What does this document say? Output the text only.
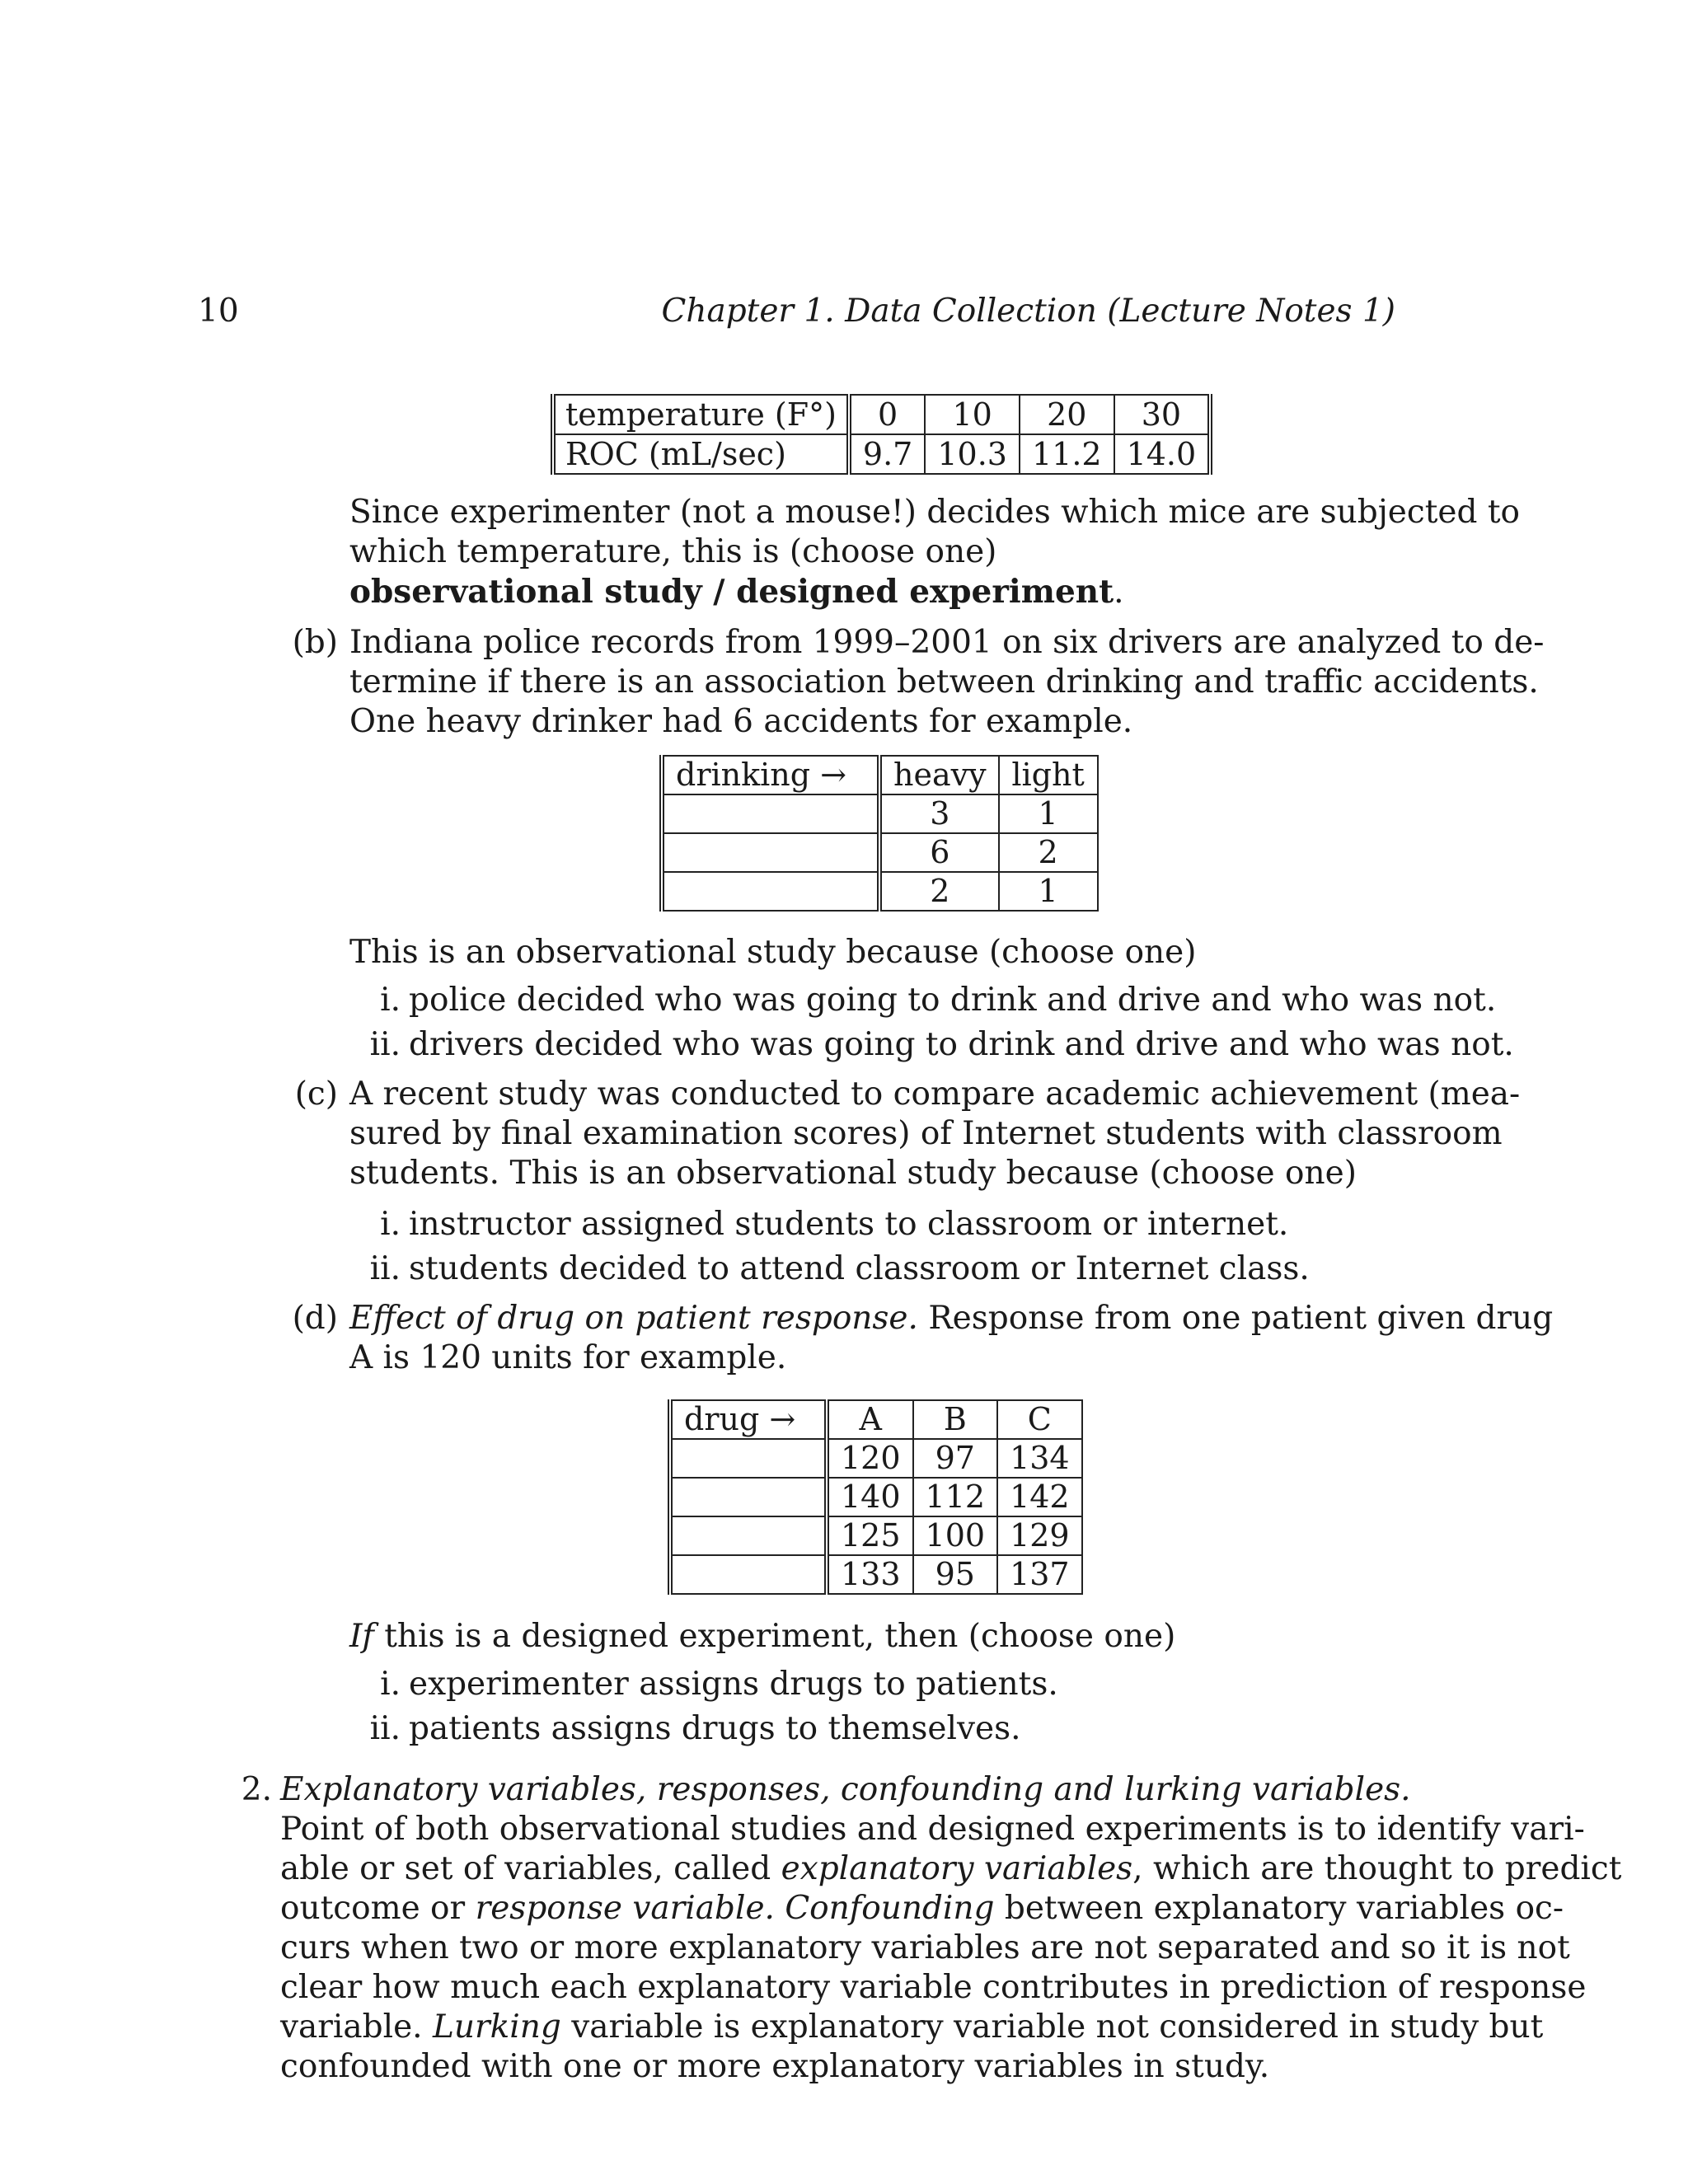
10	Chapter 1. Data Collection (Lecture Notes 1)
temperature (F°)	0	10	20	30
ROC (mL/sec)	9.7	10.3	11.2	14.0
Since experimenter (not a mouse!) decides which mice are subjected to
which temperature, this is (choose one)
observational study / designed experiment.
(b) Indiana police records from 1999–2001 on six drivers are analyzed to de-
termine if there is an association between drinking and traffic accidents.
One heavy drinker had 6 accidents for example.
drinking →	heavy	light
	3	1
	6	2
	2	1
This is an observational study because (choose one)
i. police decided who was going to drink and drive and who was not.
ii. drivers decided who was going to drink and drive and who was not.
(c) A recent study was conducted to compare academic achievement (mea-
sured by final examination scores) of Internet students with classroom
students. This is an observational study because (choose one)
i. instructor assigned students to classroom or internet.
ii. students decided to attend classroom or Internet class.
(d) Effect of drug on patient response. Response from one patient given drug
A is 120 units for example.
drug →	A	B	C
	120	97	134
	140	112	142
	125	100	129
	133	95	137
If this is a designed experiment, then (choose one)
i. experimenter assigns drugs to patients.
ii. patients assigns drugs to themselves.
2. Explanatory variables, responses, confounding and lurking variables.
Point of both observational studies and designed experiments is to identify vari-
able or set of variables, called explanatory variables, which are thought to predict
outcome or response variable. Confounding between explanatory variables oc-
curs when two or more explanatory variables are not separated and so it is not
clear how much each explanatory variable contributes in prediction of response
variable. Lurking variable is explanatory variable not considered in study but
confounded with one or more explanatory variables in study.
